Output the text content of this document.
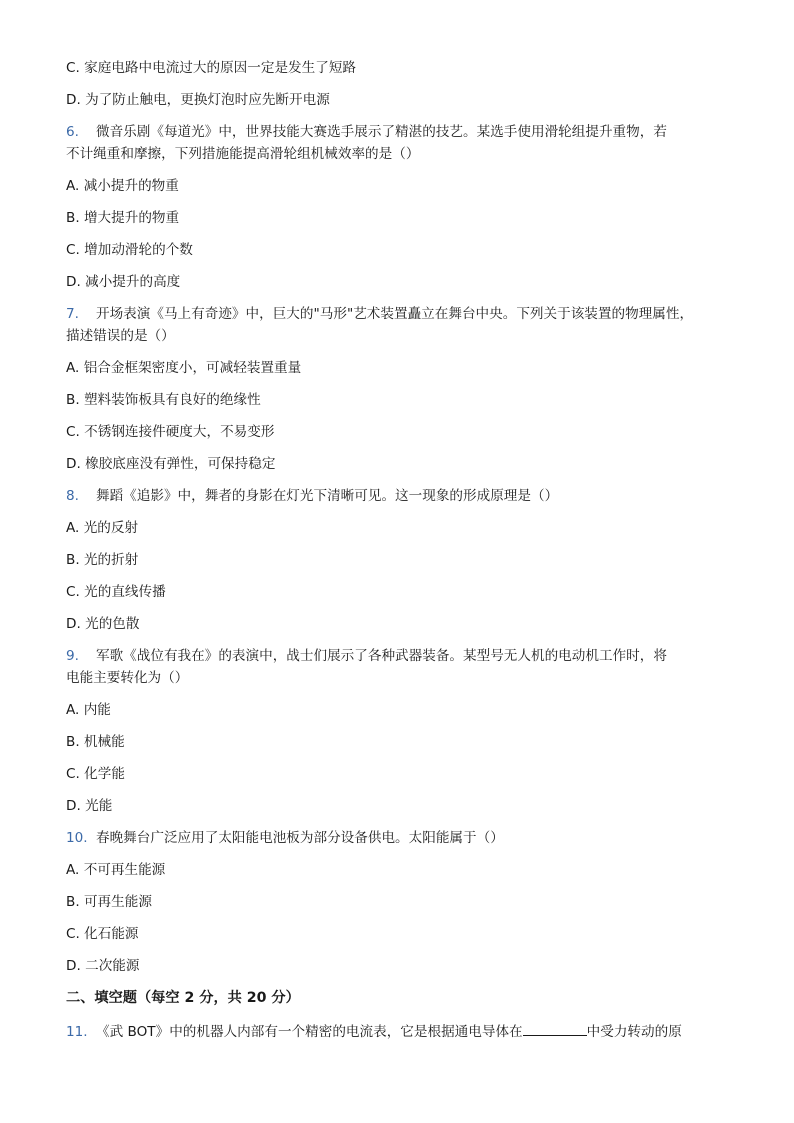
C. 家庭电路中电流过大的原因一定是发生了短路
D. 为了防止触电，更换灯泡时应先断开电源
6. 微音乐剧《每道光》中，世界技能大赛选手展示了精湛的技艺。某选手使用滑轮组提升重物，若
不计绳重和摩擦，下列措施能提高滑轮组机械效率的是（）
A. 减小提升的物重
B. 增大提升的物重
C. 增加动滑轮的个数
D. 减小提升的高度
7. 开场表演《马上有奇迹》中，巨大的"马形"艺术装置矗立在舞台中央。下列关于该装置的物理属性，
描述错误的是（）
A. 铝合金框架密度小，可减轻装置重量
B. 塑料装饰板具有良好的绝缘性
C. 不锈钢连接件硬度大，不易变形
D. 橡胶底座没有弹性，可保持稳定
8. 舞蹈《追影》中，舞者的身影在灯光下清晰可见。这一现象的形成原理是（）
A. 光的反射
B. 光的折射
C. 光的直线传播
D. 光的色散
9. 军歌《战位有我在》的表演中，战士们展示了各种武器装备。某型号无人机的电动机工作时，将
电能主要转化为（）
A. 内能
B. 机械能
C. 化学能
D. 光能
10. 春晚舞台广泛应用了太阳能电池板为部分设备供电。太阳能属于（）
A. 不可再生能源
B. 可再生能源
C. 化石能源
D. 二次能源
二、填空题（每空 2 分，共 20 分）
11. 《武 BOT》中的机器人内部有一个精密的电流表，它是根据通电导体在	中受力转动的原
